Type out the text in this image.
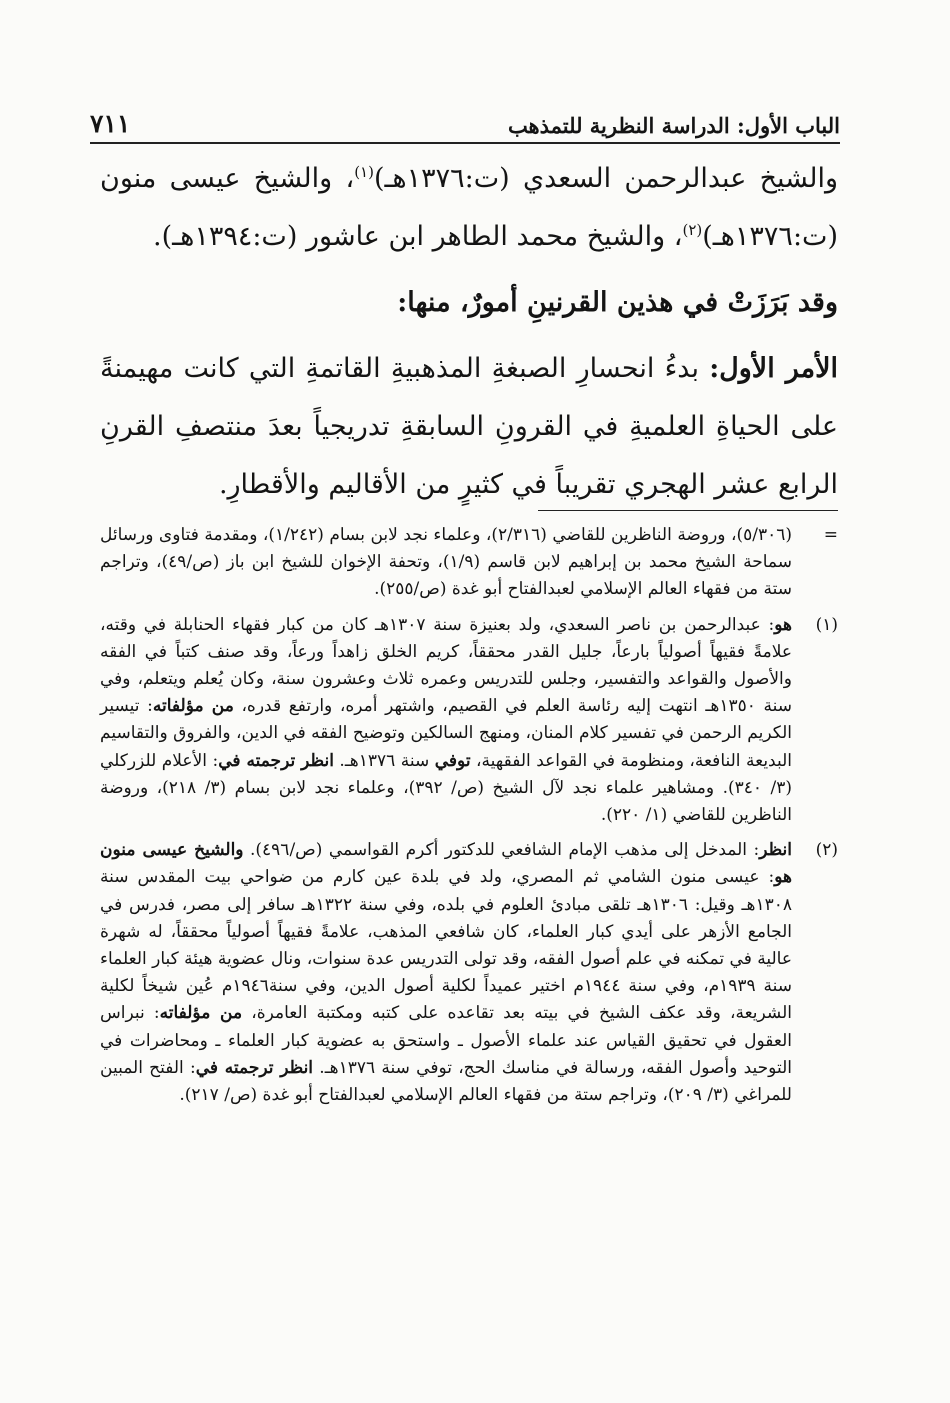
الباب الأول: الدراسة النظرية للتمذهب
٧١١

والشيخ عبدالرحمن السعدي (ت:١٣٧٦هـ)$^{(١)}$، والشيخ عيسى منون (ت:١٣٧٦هـ)$^{(٢)}$، والشيخ محمد الطاهر ابن عاشور (ت:١٣٩٤هـ).

وقد بَرَزَتْ في هذين القرنينِ أمورٌ، منها:

الأمر الأول: بدءُ انحسارِ الصبغةِ المذهبيةِ القاتمةِ التي كانت مهيمنةً على الحياةِ العلميةِ في القرونِ السابقةِ تدريجياً بعدَ منتصفِ القرنِ الرابع عشر الهجري تقريباً في كثيرٍ من الأقاليم والأقطارِ.

=
(٥/٣٠٦)، وروضة الناظرين للقاضي (٢/٣١٦)، وعلماء نجد لابن بسام (١/٢٤٢)، ومقدمة فتاوى ورسائل سماحة الشيخ محمد بن إبراهيم لابن قاسم (١/٩)، وتحفة الإخوان للشيخ ابن باز (ص/٤٩)، وتراجم ستة من فقهاء العالم الإسلامي لعبدالفتاح أبو غدة (ص/٢٥٥).
(١)
هو: عبدالرحمن بن ناصر السعدي، ولد بعنيزة سنة ١٣٠٧هـ كان من كبار فقهاء الحنابلة في وقته، علامةً فقيهاً أصولياً بارعاً، جليل القدر محققاً، كريم الخلق زاهداً ورعاً، وقد صنف كتباً في الفقه والأصول والقواعد والتفسير، وجلس للتدريس وعمره ثلاث وعشرون سنة، وكان يُعلم ويتعلم، وفي سنة ١٣٥٠هـ انتهت إليه رئاسة العلم في القصيم، واشتهر أمره، وارتفع قدره، من مؤلفاته: تيسير الكريم الرحمن في تفسير كلام المنان، ومنهج السالكين وتوضيح الفقه في الدين، والفروق والتقاسيم البديعة النافعة، ومنظومة في القواعد الفقهية، توفي سنة ١٣٧٦هـ. انظر ترجمته في: الأعلام للزركلي (٣/ ٣٤٠). ومشاهير علماء نجد لآل الشيخ (ص/ ٣٩٢)، وعلماء نجد لابن بسام (٣/ ٢١٨)، وروضة الناظرين للقاضي (١/ ٢٢٠).
(٢)
انظر: المدخل إلى مذهب الإمام الشافعي للدكتور أكرم القواسمي (ص/٤٩٦). والشيخ عيسى منون هو: عيسى منون الشامي ثم المصري، ولد في بلدة عين كارم من ضواحي بيت المقدس سنة ١٣٠٨هـ وقيل: ١٣٠٦هـ تلقى مبادئ العلوم في بلده، وفي سنة ١٣٢٢هـ سافر إلى مصر، فدرس في الجامع الأزهر على أيدي كبار العلماء، كان شافعي المذهب، علامةً فقيهاً أصولياً محققاً، له شهرة عالية في تمكنه في علم أصول الفقه، وقد تولى التدريس عدة سنوات، ونال عضوية هيئة كبار العلماء سنة ١٩٣٩م، وفي سنة ١٩٤٤م اختير عميداً لكلية أصول الدين، وفي سنة١٩٤٦م عُين شيخاً لكلية الشريعة، وقد عكف الشيخ في بيته بعد تقاعده على كتبه ومكتبة العامرة، من مؤلفاته: نبراس العقول في تحقيق القياس عند علماء الأصول ـ واستحق به عضوية كبار العلماء ـ ومحاضرات في التوحيد وأصول الفقه، ورسالة في مناسك الحج، توفي سنة ١٣٧٦هـ. انظر ترجمته في: الفتح المبين للمراغي (٣/ ٢٠٩)، وتراجم ستة من فقهاء العالم الإسلامي لعبدالفتاح أبو غدة (ص/ ٢١٧).
